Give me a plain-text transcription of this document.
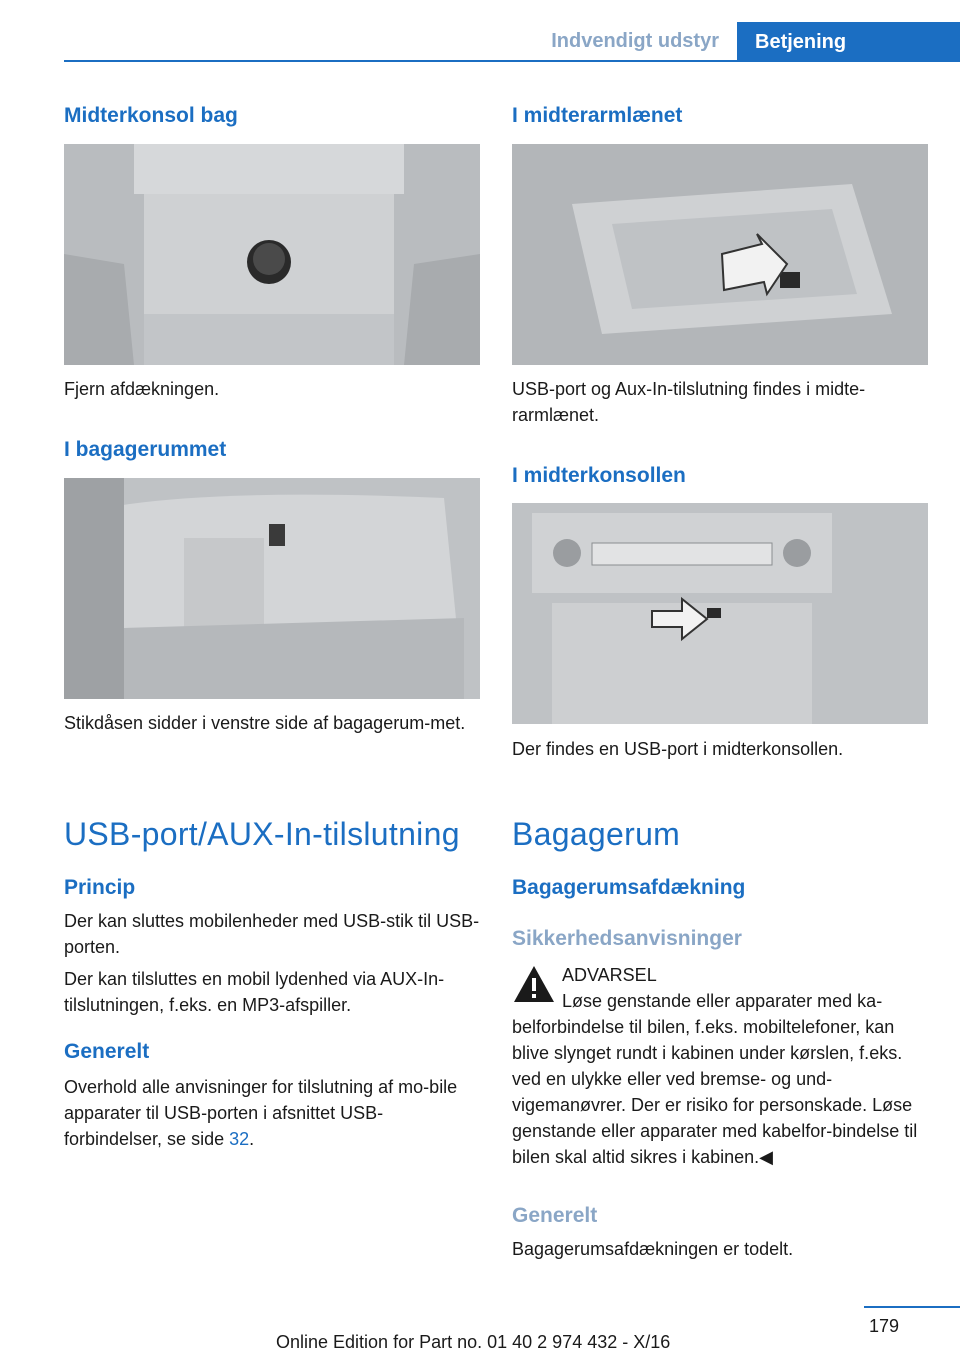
Indvendigt udstyr	Betjening
Midterkonsol bag

Fjern afdækningen.

I bagagerummet

Stikdåsen sidder i venstre side af bagagerum-met.

USB-port/AUX-In-tilslutning
Princip

Der kan sluttes mobilenheder med USB-stik til USB-porten.

Der kan tilsluttes en mobil lydenhed via AUX-In-tilslutningen, f.eks. en MP3-afspiller.

Generelt

Overhold alle anvisninger for tilslutning af mo-bile apparater til USB-porten i afsnittet USB-forbindelser, se side 32.

I midterarmlænet

USB-port og Aux-In-tilslutning findes i midte-rarmlænet.

I midterkonsollen

Der findes en USB-port i midterkonsollen.

Bagagerum
Bagagerumsafdækning
Sikkerhedsanvisninger
ADVARSEL
Løse genstande eller apparater med ka-belforbindelse til bilen, f.eks. mobiltelefoner, kan blive slynget rundt i kabinen under kørslen, f.eks. ved en ulykke eller ved bremse- og und-vigemanøvrer. Der er risiko for personskade. Løse genstande eller apparater med kabelfor-bindelse til bilen skal altid sikres i kabinen.◀
Generelt

Bagagerumsafdækningen er todelt.

179
Online Edition for Part no. 01 40 2 974 432 - X/16
